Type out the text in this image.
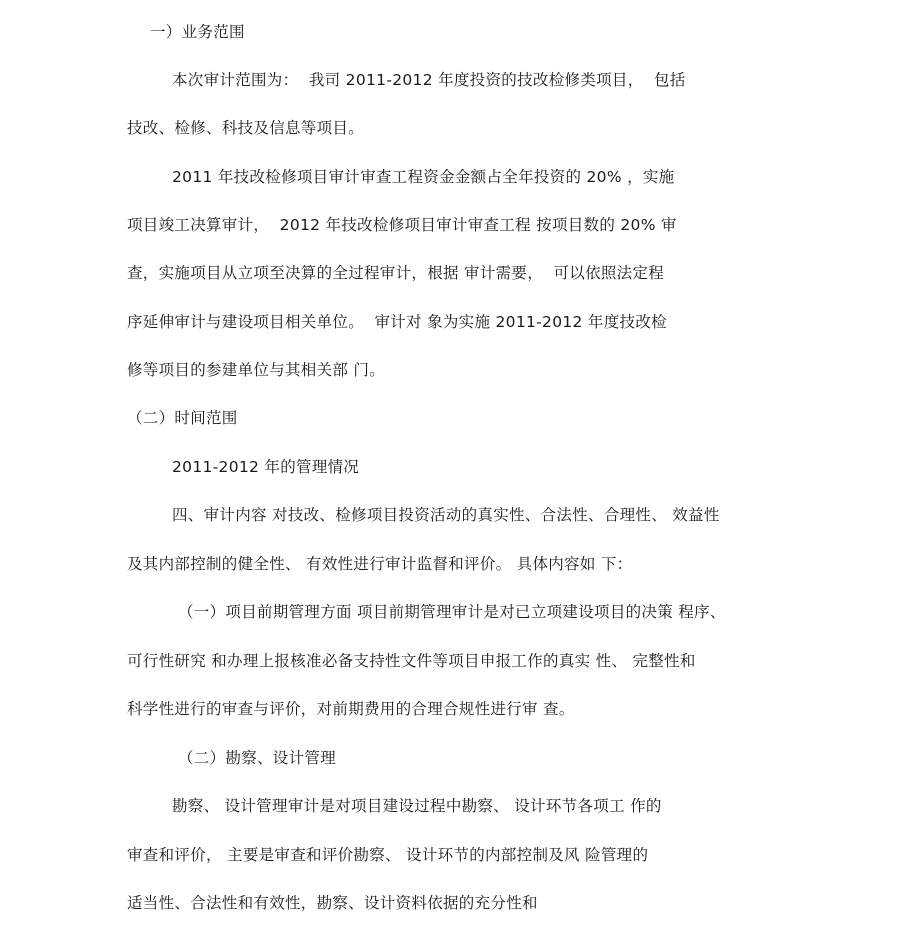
一）业务范围
本次审计范围为：  我司 2011-2012 年度投资的技改检修类项目，  包括
技改、检修、科技及信息等项目。
2011 年技改检修项目审计审查工程资金金额占全年投资的 20% ，实施
项目竣工决算审计，  2012 年技改检修项目审计审查工程 按项目数的 20% 审
查，实施项目从立项至决算的全过程审计，根据 审计需要，  可以依照法定程
序延伸审计与建设项目相关单位。  审计对 象为实施 2011-2012 年度技改检
修等项目的参建单位与其相关部 门。
（二）时间范围
2011-2012 年的管理情况
四、审计内容 对技改、检修项目投资活动的真实性、合法性、合理性、 效益性
及其内部控制的健全性、 有效性进行审计监督和评价。 具体内容如 下：
（一）项目前期管理方面 项目前期管理审计是对已立项建设项目的决策 程序、
可行性研究 和办理上报核准必备支持性文件等项目申报工作的真实 性、 完整性和
科学性进行的审查与评价，对前期费用的合理合规性进行审 查。
（二）勘察、设计管理
勘察、 设计管理审计是对项目建设过程中勘察、 设计环节各项工 作的
审查和评价， 主要是审查和评价勘察、 设计环节的内部控制及风 险管理的
适当性、合法性和有效性，勘察、设计资料依据的充分性和
